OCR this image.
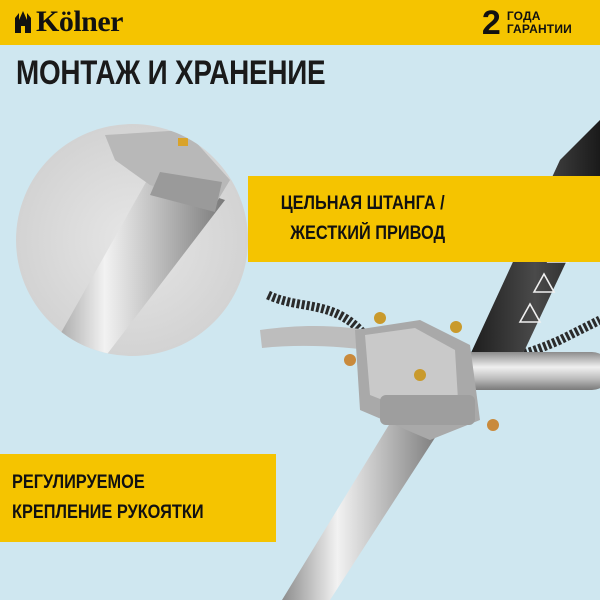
Kölner	2 ГОДА
ГАРАНТИИ
МОНТАЖ И ХРАНЕНИЕ
ЦЕЛЬНАЯ ШТАНГА /
ЖЕСТКИЙ ПРИВОД
РЕГУЛИРУЕМОЕ
КРЕПЛЕНИЕ РУКОЯТКИ
